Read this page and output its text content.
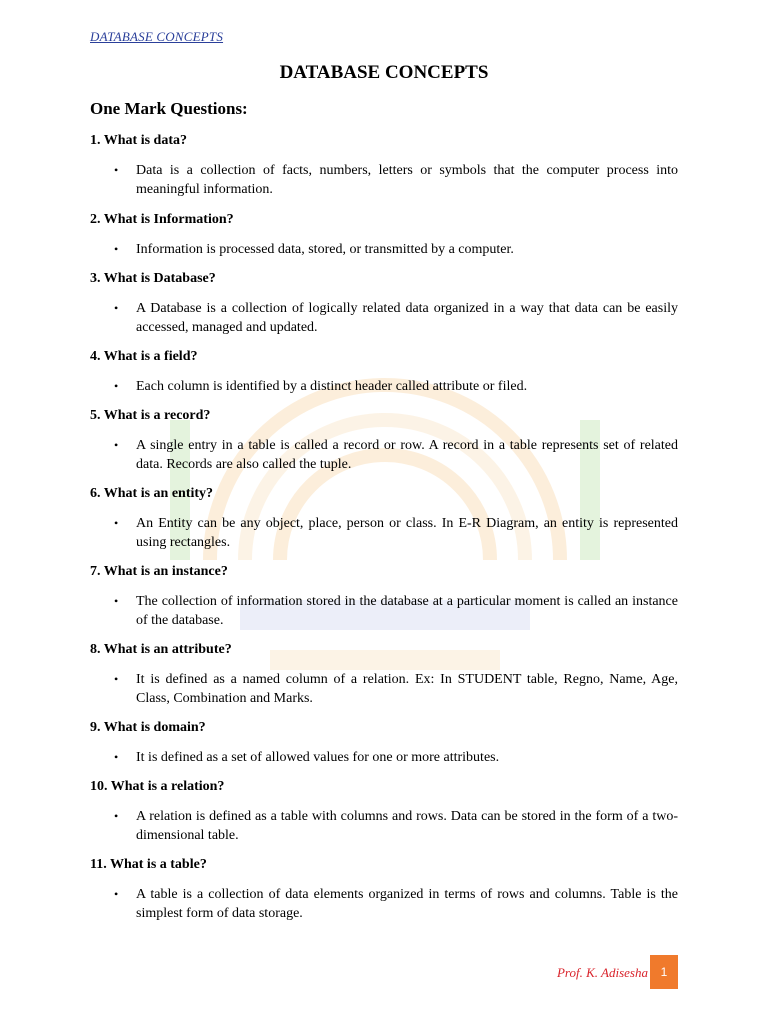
DATABASE CONCEPTS
DATABASE CONCEPTS
One Mark Questions:
1. What is data?
• Data is a collection of facts, numbers, letters or symbols that the computer process into meaningful information.
2. What is Information?
• Information is processed data, stored, or transmitted by a computer.
3. What is Database?
• A Database is a collection of logically related data organized in a way that data can be easily accessed, managed and updated.
4. What is a field?
• Each column is identified by a distinct header called attribute or filed.
5. What is a record?
• A single entry in a table is called a record or row. A record in a table represents set of related data. Records are also called the tuple.
6. What is an entity?
• An Entity can be any object, place, person or class. In E-R Diagram, an entity is represented using rectangles.
7. What is an instance?
• The collection of information stored in the database at a particular moment is called an instance of the database.
8. What is an attribute?
• It is defined as a named column of a relation. Ex: In STUDENT table, Regno, Name, Age, Class, Combination and Marks.
9. What is domain?
• It is defined as a set of allowed values for one or more attributes.
10. What is a relation?
• A relation is defined as a table with columns and rows. Data can be stored in the form of a two-dimensional table.
11. What is a table?
• A table is a collection of data elements organized in terms of rows and columns. Table is the simplest form of data storage.
Prof. K. Adisesha	1
